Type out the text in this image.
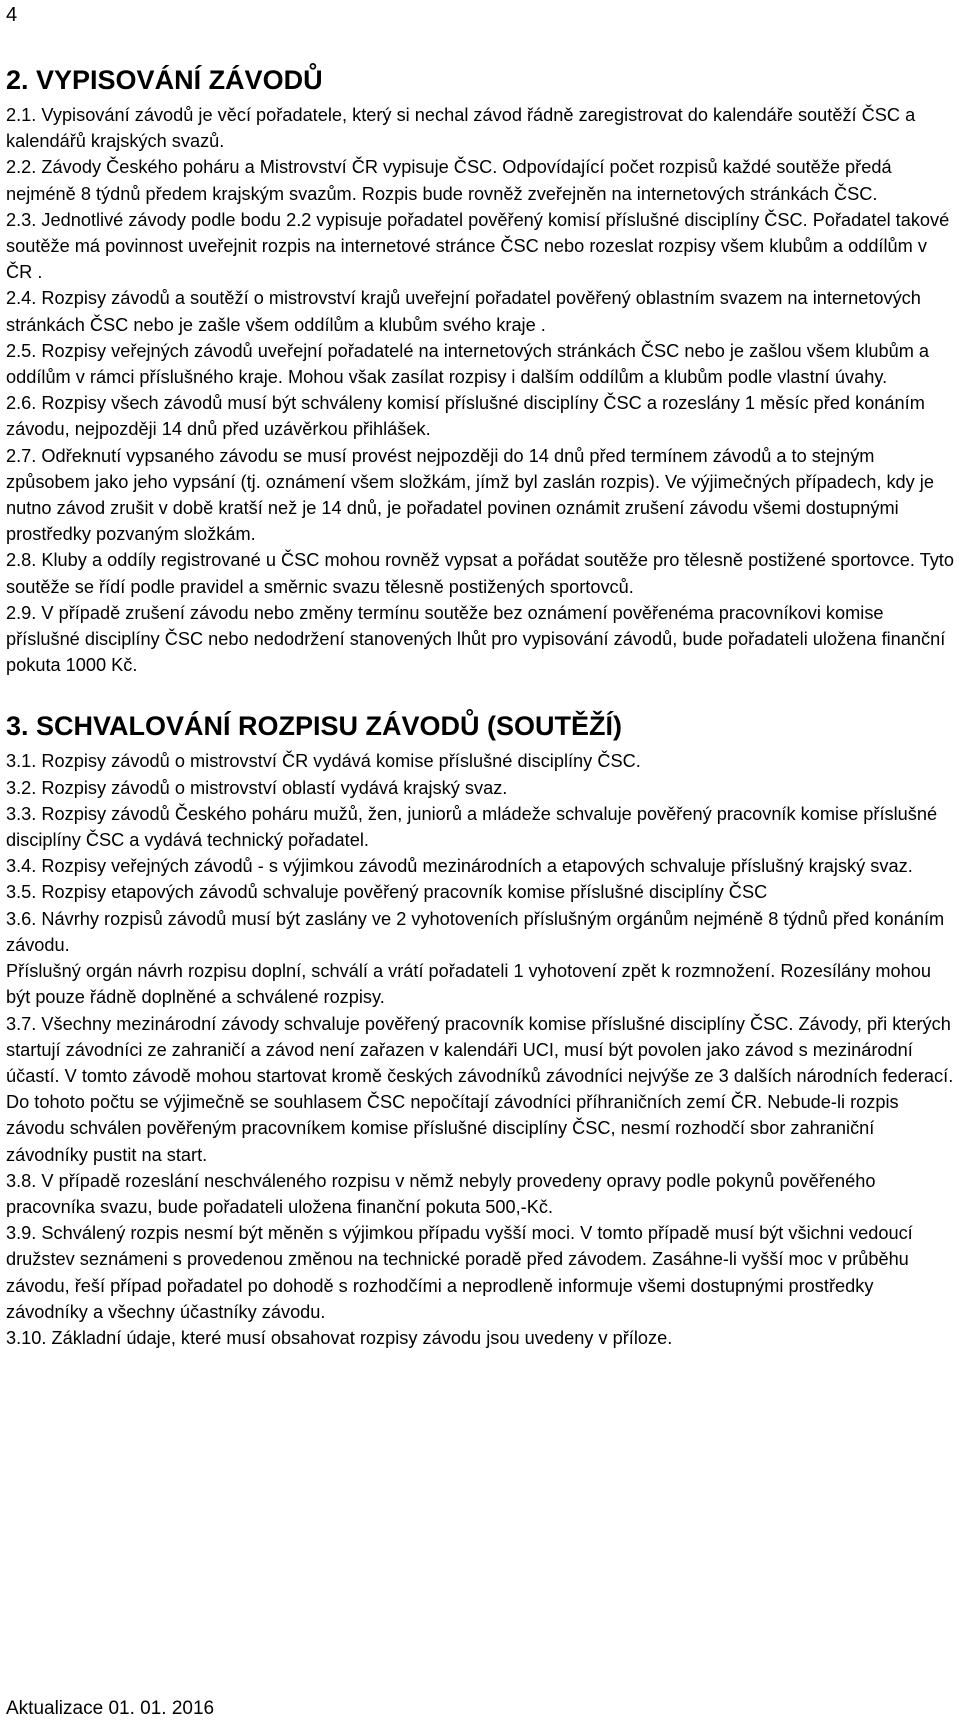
4
2. VYPISOVÁNÍ ZÁVODŮ

2.1. Vypisování závodů je věcí pořadatele, který si nechal závod řádně zaregistrovat do kalendáře soutěží ČSC a kalendářů krajských svazů.

2.2. Závody Českého poháru a Mistrovství ČR vypisuje ČSC. Odpovídající počet rozpisů každé soutěže předá nejméně 8 týdnů předem krajským svazům. Rozpis bude rovněž zveřejněn na internetových stránkách ČSC.

2.3. Jednotlivé závody podle bodu 2.2 vypisuje pořadatel pověřený komisí příslušné disciplíny ČSC. Pořadatel takové soutěže má povinnost uveřejnit rozpis na internetové stránce ČSC nebo rozeslat rozpisy všem klubům a oddílům v ČR .

2.4. Rozpisy závodů a soutěží o mistrovství krajů uveřejní pořadatel pověřený oblastním svazem na internetových stránkách ČSC nebo je zašle všem oddílům a klubům svého kraje .

2.5. Rozpisy veřejných závodů uveřejní pořadatelé na internetových stránkách ČSC nebo je zašlou všem klubům a oddílům v rámci příslušného kraje. Mohou však zasílat rozpisy i dalším oddílům a klubům podle vlastní úvahy.

2.6. Rozpisy všech závodů musí být schváleny komisí příslušné disciplíny ČSC a rozeslány 1 měsíc před konáním závodu, nejpozději 14 dnů před uzávěrkou přihlášek.

2.7. Odřeknutí vypsaného závodu se musí provést nejpozději do 14 dnů před termínem závodů a to stejným způsobem jako jeho vypsání (tj. oznámení všem složkám, jímž byl zaslán rozpis). Ve výjimečných případech, kdy je nutno závod zrušit v době kratší než je 14 dnů, je pořadatel povinen oznámit zrušení závodu všemi dostupnými prostředky pozvaným složkám.

2.8. Kluby a oddíly registrované u ČSC mohou rovněž vypsat a pořádat soutěže pro tělesně postižené sportovce. Tyto soutěže se řídí podle pravidel a směrnic svazu tělesně postižených sportovců.

2.9. V případě zrušení závodu nebo změny termínu soutěže bez oznámení pověřenéma pracovníkovi komise příslušné disciplíny ČSC nebo nedodržení stanovených lhůt pro vypisování závodů, bude pořadateli uložena finanční pokuta 1000 Kč.

3. SCHVALOVÁNÍ ROZPISU ZÁVODŮ (SOUTĚŽÍ)

3.1. Rozpisy závodů o mistrovství ČR vydává komise příslušné disciplíny ČSC.

3.2. Rozpisy závodů o mistrovství oblastí vydává krajský svaz.

3.3. Rozpisy závodů Českého poháru mužů, žen, juniorů a mládeže schvaluje pověřený pracovník komise příslušné disciplíny ČSC a vydává technický pořadatel.

3.4. Rozpisy veřejných závodů - s výjimkou závodů mezinárodních a etapových schvaluje příslušný krajský svaz.

3.5. Rozpisy etapových závodů schvaluje pověřený pracovník komise příslušné disciplíny ČSC

3.6. Návrhy rozpisů závodů musí být zaslány ve 2 vyhotoveních příslušným orgánům nejméně 8 týdnů před konáním závodu.

Příslušný orgán návrh rozpisu doplní, schválí a vrátí pořadateli 1 vyhotovení zpět k rozmnožení. Rozesílány mohou být pouze řádně doplněné a schválené rozpisy.

3.7. Všechny mezinárodní závody schvaluje pověřený pracovník komise příslušné disciplíny ČSC. Závody, při kterých startují závodníci ze zahraničí a závod není zařazen v kalendáři UCI, musí být povolen jako závod s mezinárodní účastí. V tomto závodě mohou startovat kromě českých závodníků závodníci nejvýše ze 3 dalších národních federací. Do tohoto počtu se výjimečně se souhlasem ČSC nepočítají závodníci příhraničních zemí ČR. Nebude-li rozpis závodu schválen pověřeným pracovníkem komise příslušné disciplíny ČSC, nesmí rozhodčí sbor zahraniční závodníky pustit na start.

3.8. V případě rozeslání neschváleného rozpisu v němž nebyly provedeny opravy podle pokynů pověřeného pracovníka svazu, bude pořadateli uložena finanční pokuta 500,-Kč.

3.9. Schválený rozpis nesmí být měněn s výjimkou případu vyšší moci. V tomto případě musí být všichni vedoucí družstev seznámeni s provedenou změnou na technické poradě před závodem. Zasáhne-li vyšší moc v průběhu závodu, řeší případ pořadatel po dohodě s rozhodčími a neprodleně informuje všemi dostupnými prostředky závodníky a všechny účastníky závodu.

3.10. Základní údaje, které musí obsahovat rozpisy závodu jsou uvedeny v příloze.

Aktualizace 01. 01. 2016
